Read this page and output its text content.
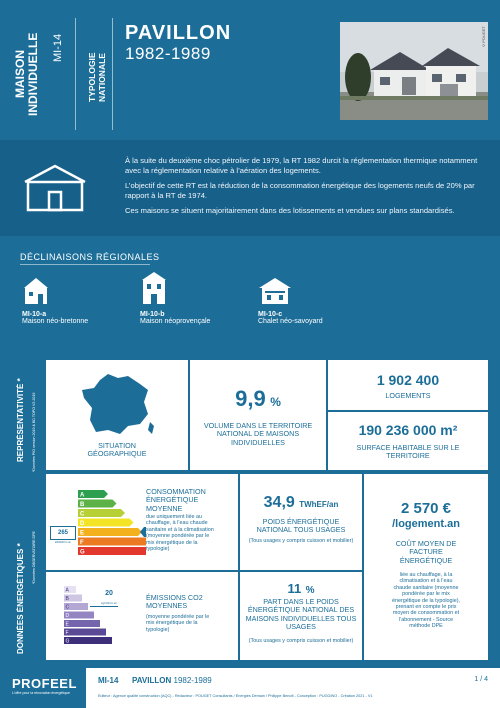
MAISON
INDIVIDUELLE MI-14
TYPOLOGIE
NATIONALE
PAVILLON
1982-1989
©POUGET

À la suite du deuxième choc pétrolier de 1979, la RT 1982 durcit la réglementation thermique notamment avec la réglementation relative à l’aération des logements.

L’objectif de cette RT est la réduction de la consommation énergétique des logements neufs de 20% par rapport à la RT de 1974.

Ces maisons se situent majoritairement dans des lotissements et vendues sur plans standardisés.

DÉCLINAISONS RÉGIONALES
MI-10-a
Maison néo-bretonne
MI-10-b
Maison néoprovençale
MI-10-c
Chalet néo-savoyard
REPRÉSENTATIVITÉ * *Données PIO version 2019 & BD TOPO V3 2019	SITUATION GÉOGRAPHIQUE
9,9 %
VOLUME DANS LE TERRITOIRE NATIONAL DE MAISONS INDIVIDUELLES
1 902 400
LOGEMENTS
190 236 000 m²
SURFACE HABITABLE SUR LE TERRITOIRE
DONNÉES ÉNERGÉTIQUES * *Données OBSERVATOIRE DPE
A
B
C
D
E
F
G
265
kWhEP/m².an
CONSOMMATION ÉNERGÉTIQUE MOYENNE
due uniquement liée au chauffage, à l’eau chaude sanitaire et à la climatisation (moyenne pondérée par le mix énergétique de la typologie)
34,9 TWhEF/an
POIDS ÉNERGÉTIQUE NATIONAL TOUS USAGES
(Tous usages y compris cuisson et mobilier)
2 570 €
/logement.an
COÛT MOYEN DE FACTURE ÉNERGÉTIQUE
liée au chauffage, à la climatisation et à l’eau chaude sanitaire (moyenne pondérée par le mix énergétique de la typologie), prenant en compte le prix moyen de consommation et l’abonnement - Source méthode DPE
A
B
C
D
E
F
G
20
kgCO2/m².an
ÉMISSIONS CO2 MOYENNES
(moyenne pondérée par le mix énergétique de la typologie)
11 %
PART DANS LE POIDS ÉNERGÉTIQUE NATIONAL DES MAISONS INDIVIDUELLES TOUS USAGES
(Tous usages y compris cuisson et mobilier)
PROFEEL
L’offre pour la rénovation énergétique
MI-14 PAVILLON 1982-1989	1 / 4
Éditeur : Agence qualité construction (AQC) - Rédacteur : POUGET Consultants / Énergies Demain / Philippe Benoît - Conception : PUGGINO - Création 2021 - V1
